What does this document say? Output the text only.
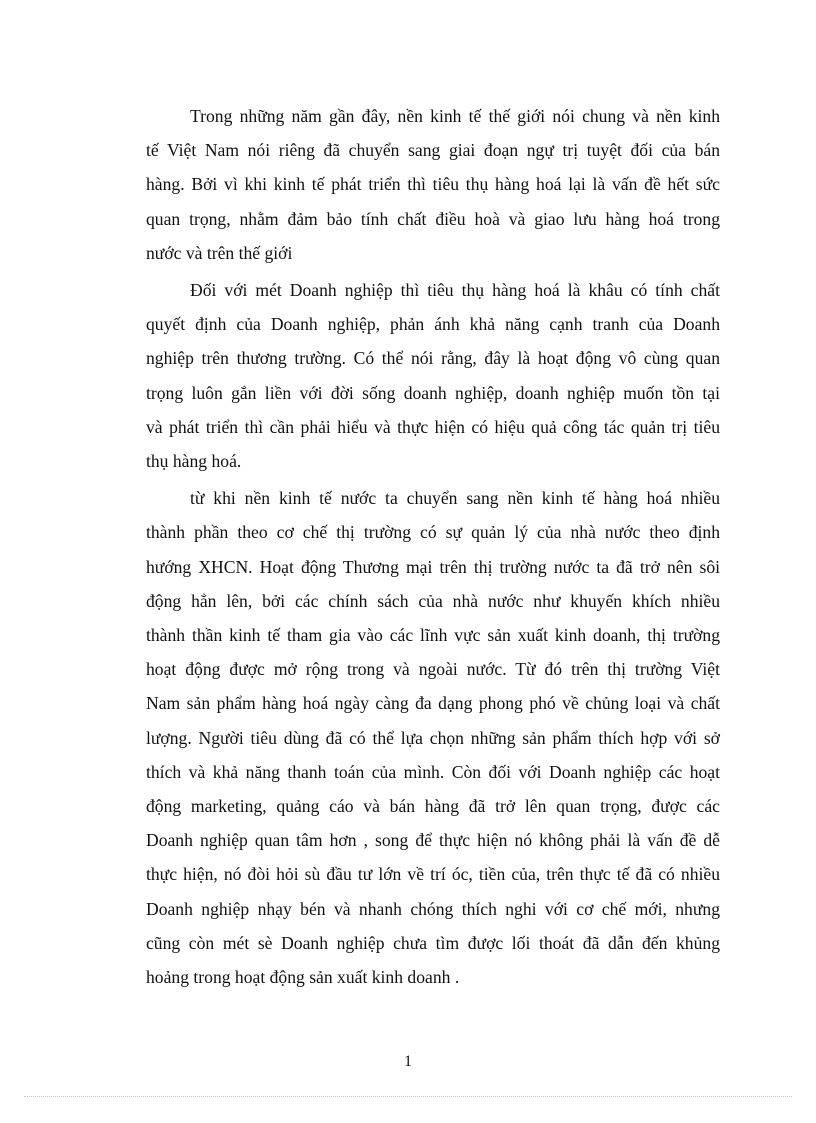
Trong những năm gần đây, nền kinh tế thế giới nói chung và nền kinh
tế Việt Nam nói riêng đã chuyển sang giai đoạn ngự trị tuyệt đối của bán
hàng. Bởi vì khi kinh tế phát triển thì tiêu thụ hàng hoá lại là vấn đề hết sức
quan trọng, nhằm đảm bảo tính chất điều hoà và giao lưu hàng hoá trong
nước và trên thế giới

Đối với mét Doanh nghiệp thì tiêu thụ hàng hoá là khâu có tính chất
quyết định của Doanh nghiệp, phản ánh khả năng cạnh tranh của Doanh
nghiệp trên thương trường. Có thể nói rằng, đây là hoạt động vô cùng quan
trọng luôn gắn liền với đời sống doanh nghiệp, doanh nghiệp muốn tồn tại
và phát triển thì cần phải hiểu và thực hiện có hiệu quả công tác quản trị tiêu
thụ hàng hoá.

từ khi nền kinh tế nước ta chuyển sang nền kinh tế hàng hoá nhiều
thành phần theo cơ chế thị trường có sự quản lý của nhà nước theo định
hướng XHCN. Hoạt động Thương mại trên thị trường nước ta đã trở nên sôi
động hẳn lên, bởi các chính sách của nhà nước như khuyến khích nhiều
thành thần kinh tế tham gia vào các lĩnh vực sản xuất kinh doanh, thị trường
hoạt động được mở rộng trong và ngoài nước. Từ đó trên thị trường Việt
Nam sản phẩm hàng hoá ngày càng đa dạng phong phó về chủng loại và chất
lượng. Người tiêu dùng đã có thể lựa chọn những sản phẩm thích hợp với sở
thích và khả năng thanh toán của mình. Còn đối với Doanh nghiệp các hoạt
động marketing, quảng cáo và bán hàng đã trở lên quan trọng, được các
Doanh nghiệp quan tâm hơn , song để thực hiện nó không phải là vấn đề dễ
thực hiện, nó đòi hỏi sù đầu tư lớn về trí óc, tiền của, trên thực tế đã có nhiều
Doanh nghiệp nhạy bén và nhanh chóng thích nghi với cơ chế mới, nhưng
cũng còn mét sè Doanh nghiệp chưa tìm được lối thoát đã dẫn đến khủng
hoảng trong hoạt động sản xuất kinh doanh .

1
